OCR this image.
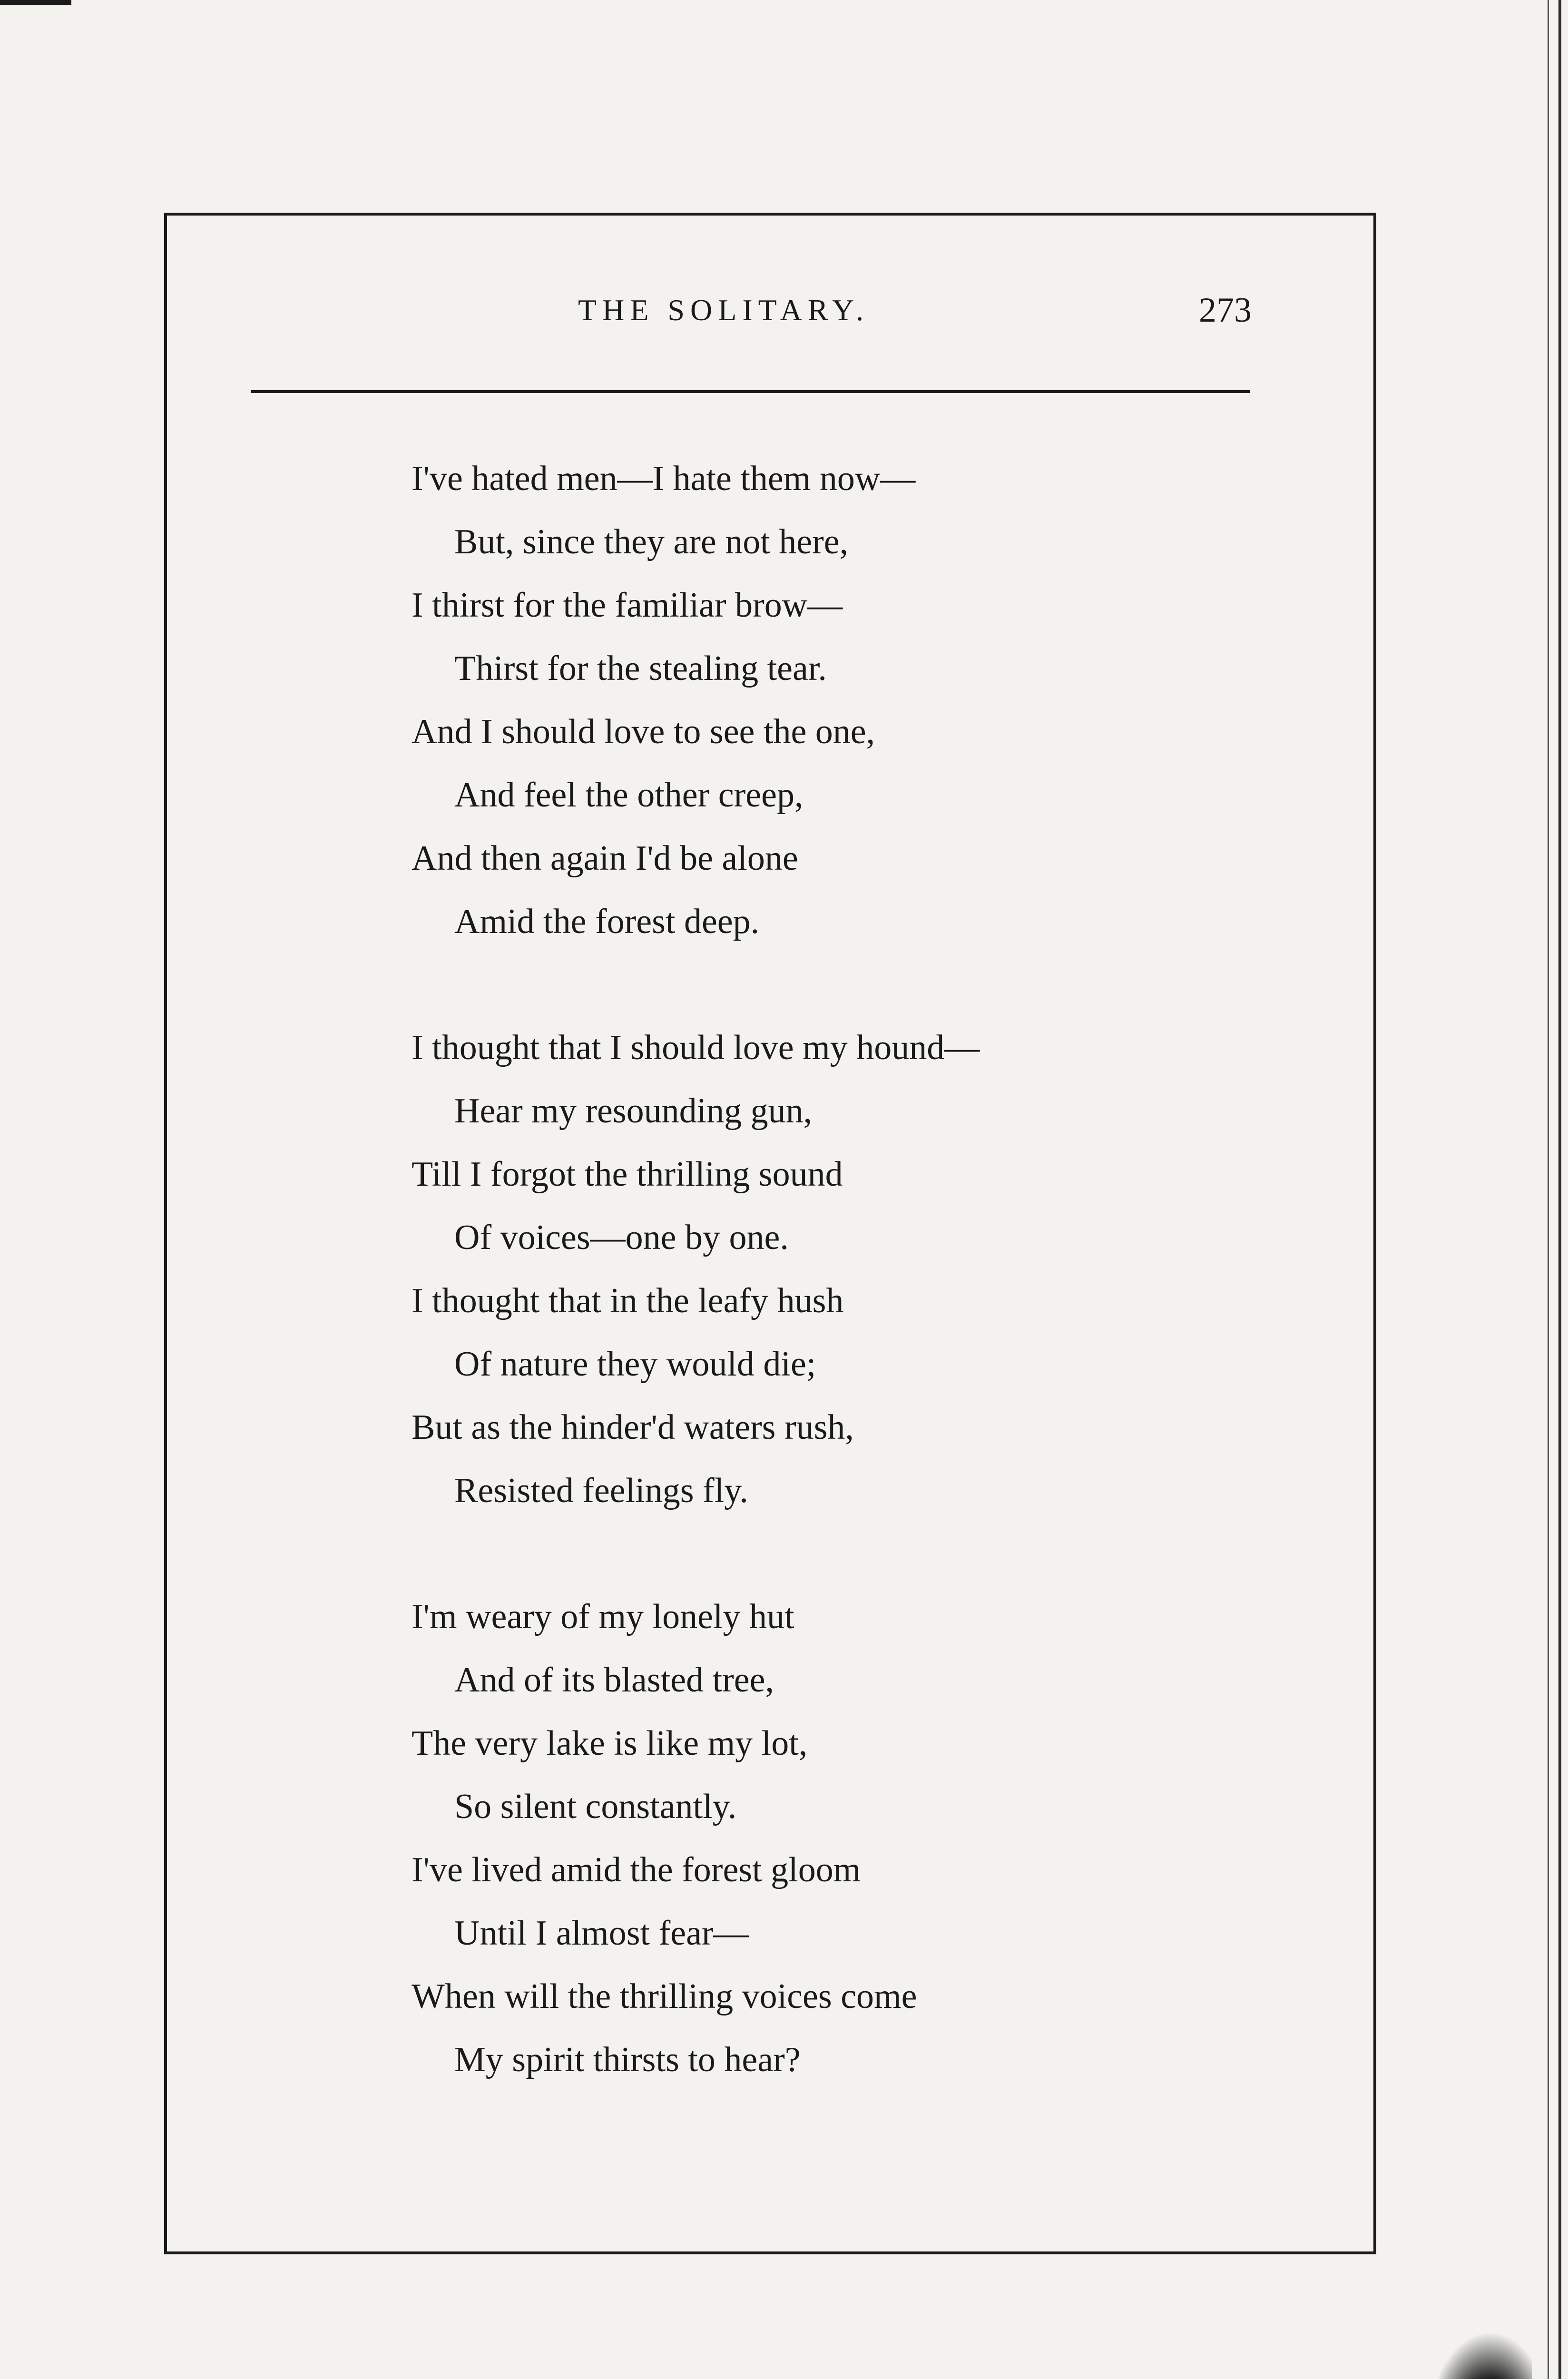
THE SOLITARY.	273
I've hated men—I hate them now—
But, since they are not here,
I thirst for the familiar brow—
Thirst for the stealing tear.
And I should love to see the one,
And feel the other creep,
And then again I'd be alone
Amid the forest deep.
I thought that I should love my hound—
Hear my resounding gun,
Till I forgot the thrilling sound
Of voices—one by one.
I thought that in the leafy hush
Of nature they would die;
But as the hinder'd waters rush,
Resisted feelings fly.
I'm weary of my lonely hut
And of its blasted tree,
The very lake is like my lot,
So silent constantly.
I've lived amid the forest gloom
Until I almost fear—
When will the thrilling voices come
My spirit thirsts to hear?
